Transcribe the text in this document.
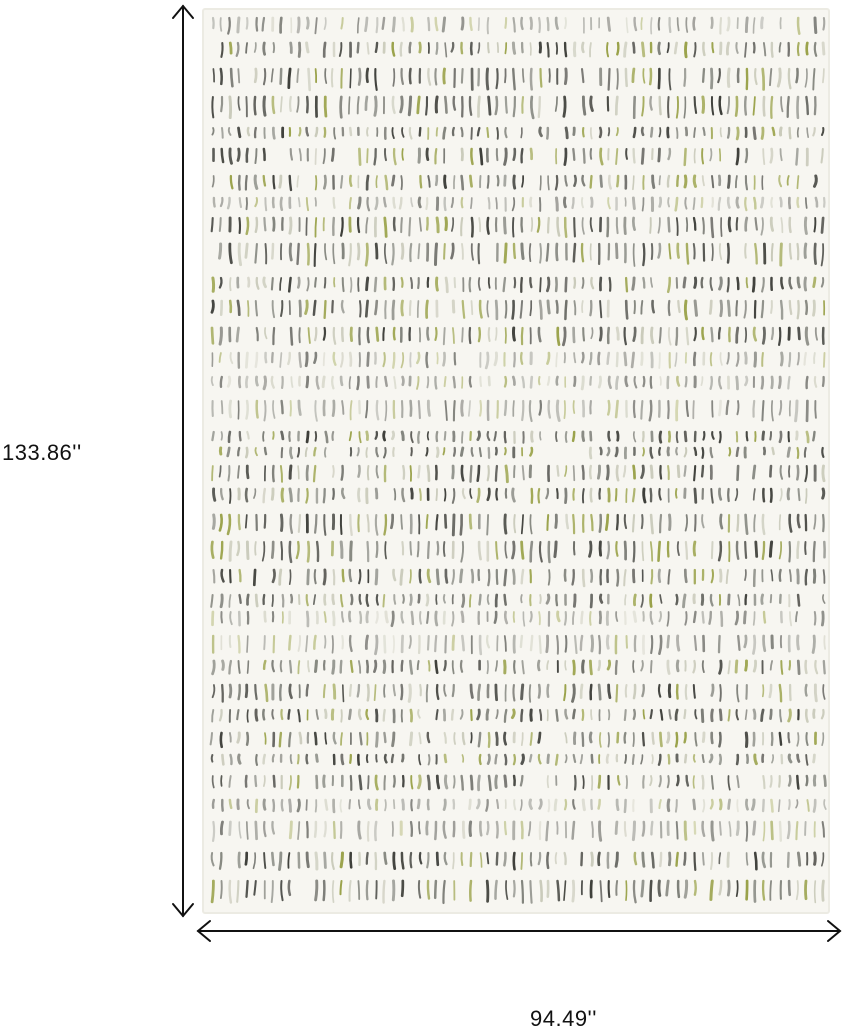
133.86''
94.49''
